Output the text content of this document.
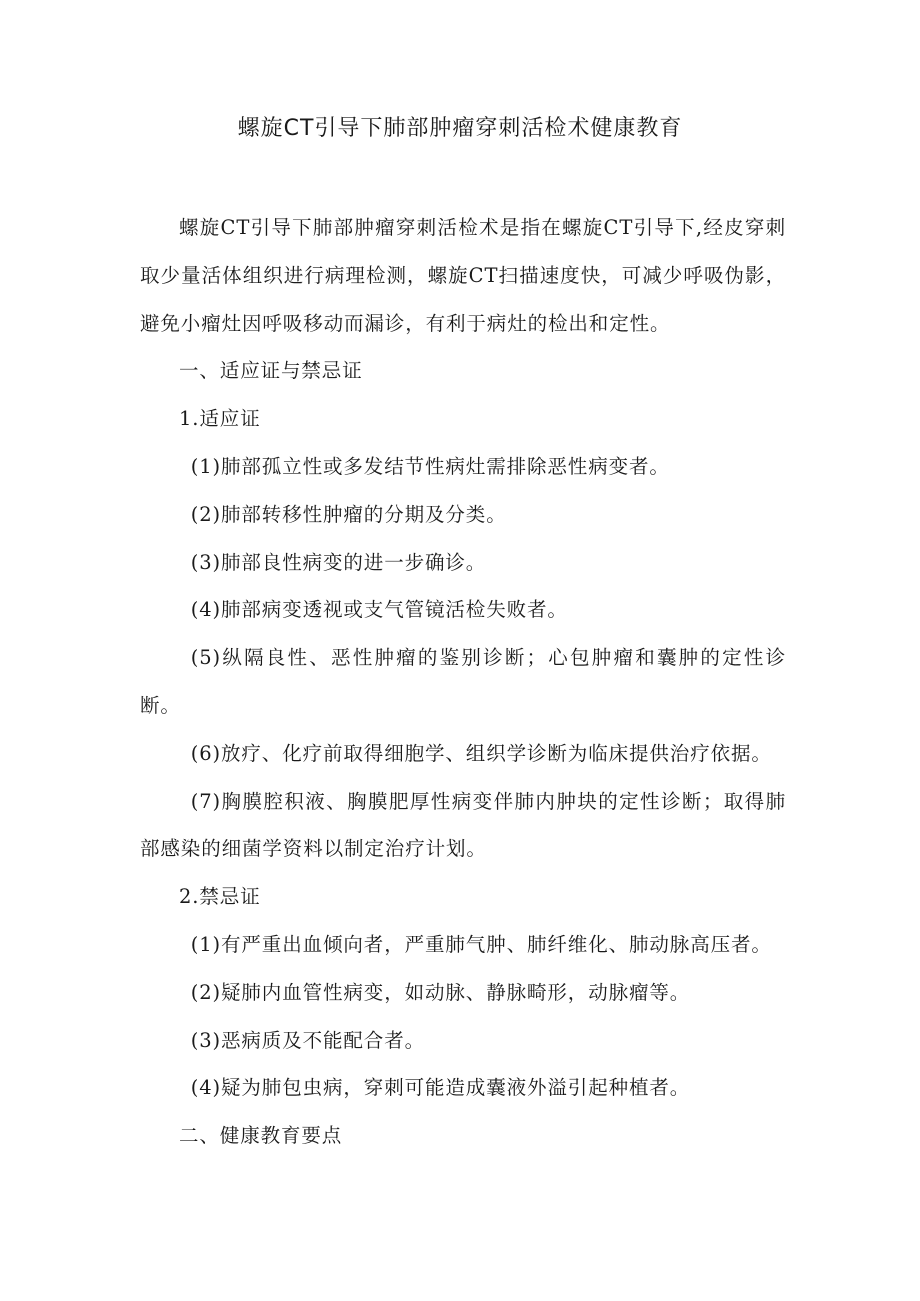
螺旋CT引导下肺部肿瘤穿刺活检术健康教育

螺旋CT引导下肺部肿瘤穿刺活检术是指在螺旋CT引导下,经皮穿刺取少量活体组织进行病理检测，螺旋CT扫描速度快，可减少呼吸伪影，避免小瘤灶因呼吸移动而漏诊，有利于病灶的检出和定性。

一、适应证与禁忌证

1.适应证

(1)肺部孤立性或多发结节性病灶需排除恶性病变者。

(2)肺部转移性肿瘤的分期及分类。

(3)肺部良性病变的进一步确诊。

(4)肺部病变透视或支气管镜活检失败者。

(5)纵隔良性、恶性肿瘤的鉴别诊断；心包肿瘤和囊肿的定性诊断。

(6)放疗、化疗前取得细胞学、组织学诊断为临床提供治疗依据。

(7)胸膜腔积液、胸膜肥厚性病变伴肺内肿块的定性诊断；取得肺部感染的细菌学资料以制定治疗计划。

2.禁忌证

(1)有严重出血倾向者，严重肺气肿、肺纤维化、肺动脉高压者。

(2)疑肺内血管性病变，如动脉、静脉畸形，动脉瘤等。

(3)恶病质及不能配合者。

(4)疑为肺包虫病，穿刺可能造成囊液外溢引起种植者。

二、健康教育要点
